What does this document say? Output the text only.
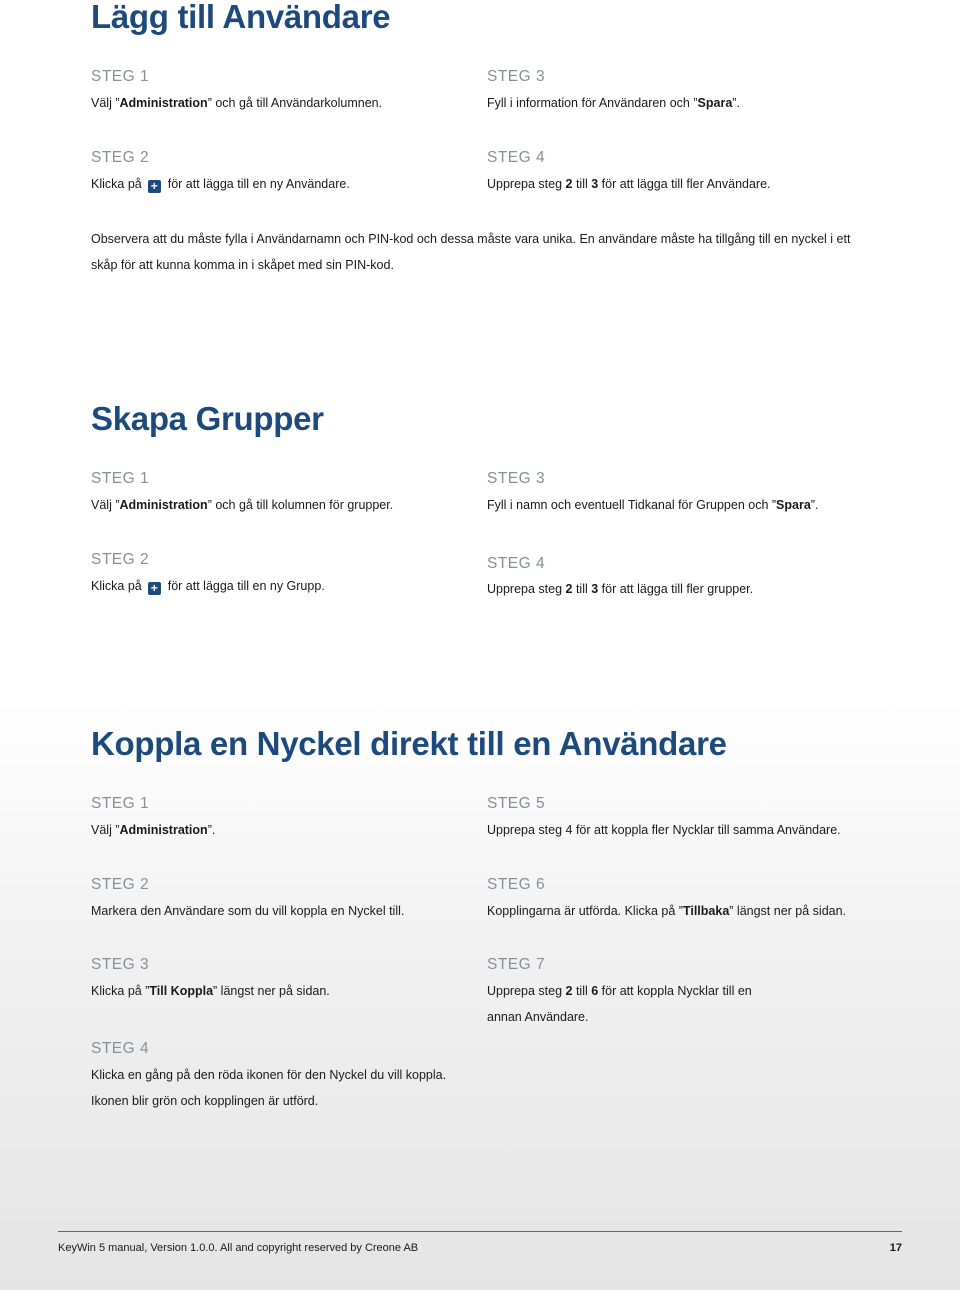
Lägg till Användare
STEG 1
Välj ”Administration” och gå till Användarkolumnen.
STEG 3
Fyll i information för Användaren och ”Spara”.
STEG 2
Klicka på + för att lägga till en ny Användare.
STEG 4
Upprepa steg 2 till 3 för att lägga till fler Användare.
Observera att du måste fylla i Användarnamn och PIN-kod och dessa måste vara unika. En användare måste ha tillgång till en nyckel i ett
skåp för att kunna komma in i skåpet med sin PIN-kod.
Skapa Grupper
STEG 1
Välj ”Administration” och gå till kolumnen för grupper.
STEG 3
Fyll i namn och eventuell Tidkanal för Gruppen och ”Spara”.
STEG 2
Klicka på + för att lägga till en ny Grupp.
STEG 4
Upprepa steg 2 till 3 för att lägga till fler grupper.
Koppla en Nyckel direkt till en Användare
STEG 1
Välj ”Administration”.
STEG 5
Upprepa steg 4 för att koppla fler Nycklar till samma Användare.
STEG 2
Markera den Användare som du vill koppla en Nyckel till.
STEG 6
Kopplingarna är utförda. Klicka på ”Tillbaka” längst ner på sidan.
STEG 3
Klicka på ”Till Koppla” längst ner på sidan.
STEG 7
Upprepa steg 2 till 6 för att koppla Nycklar till en
annan Användare.
STEG 4
Klicka en gång på den röda ikonen för den Nyckel du vill koppla.
Ikonen blir grön och kopplingen är utförd.
KeyWin 5 manual, Version 1.0.0. All and copyright reserved by Creone AB	17
